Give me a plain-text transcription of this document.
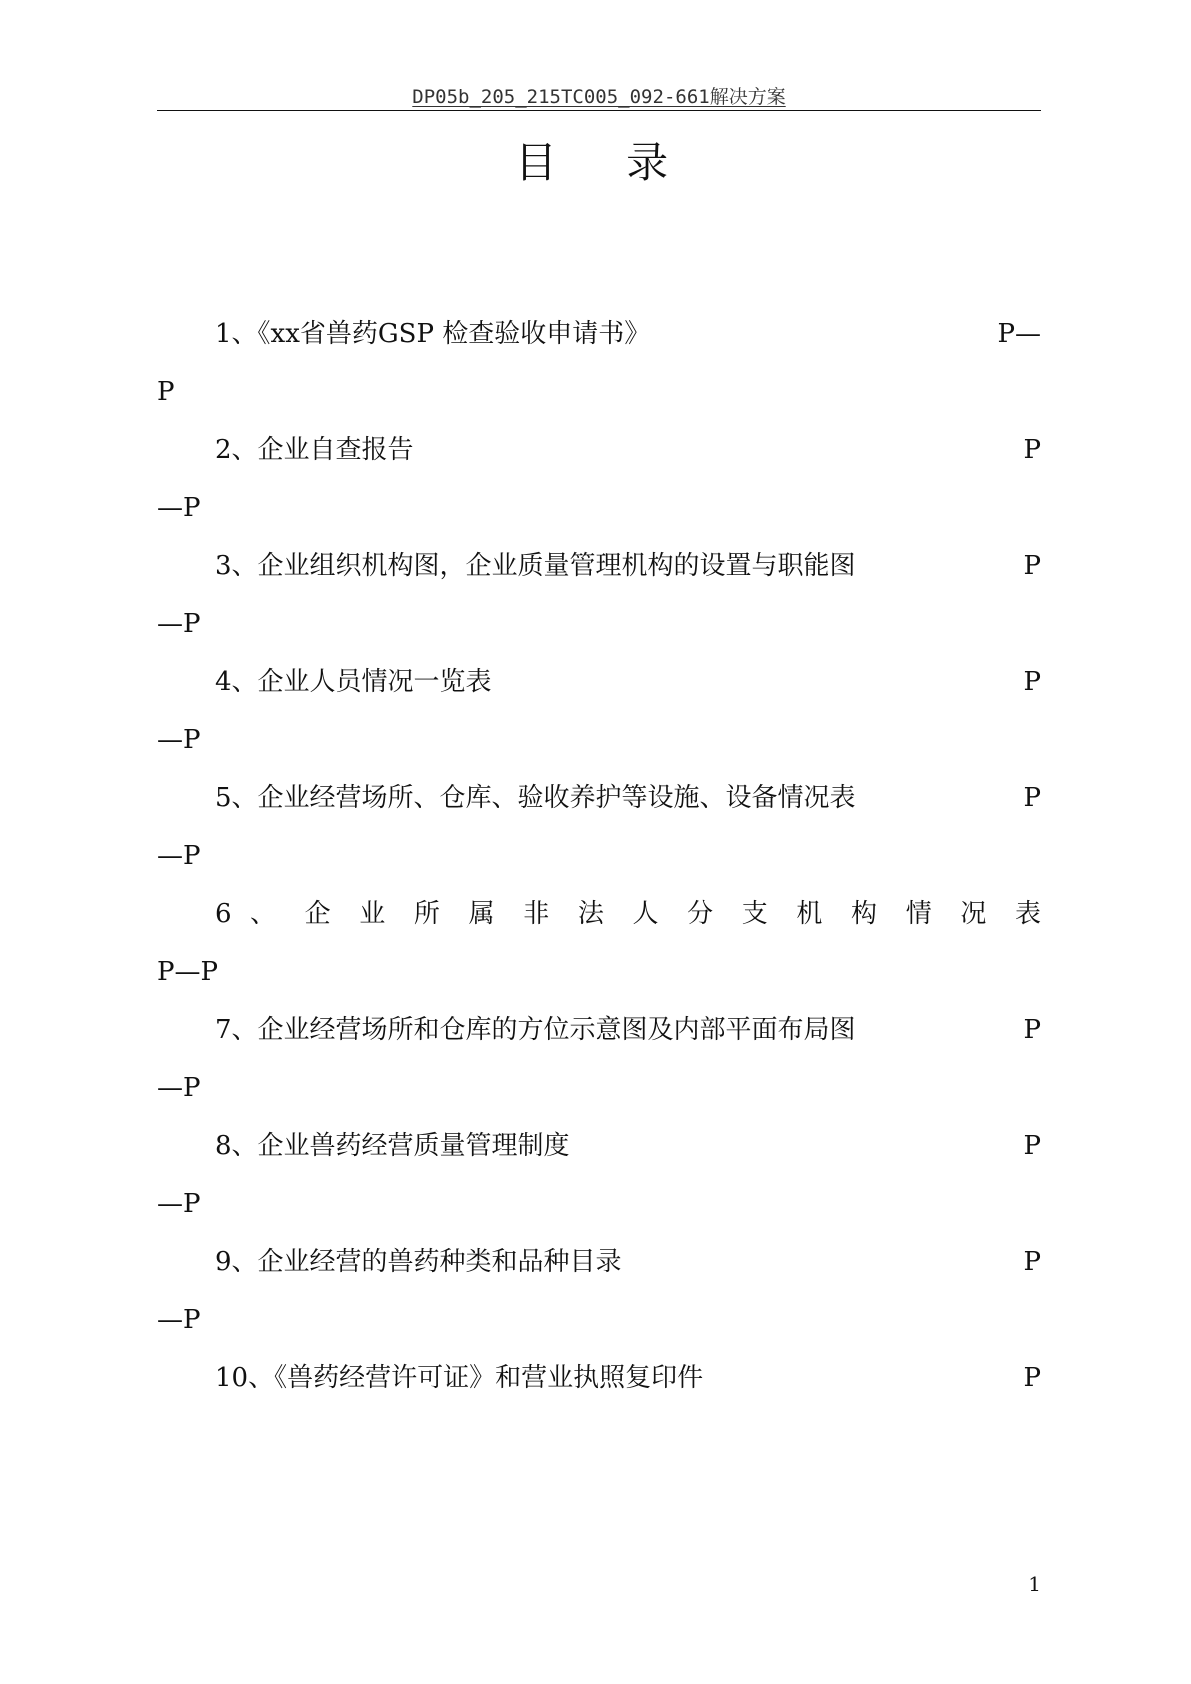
DP05b_205_215TC005_092-661解决方案
目 录
1、《xx省兽药GSP 检查验收申请书》	P—
P
2、企业自查报告	P
—P
3、企业组织机构图，企业质量管理机构的设置与职能图	P
—P
4、企业人员情况一览表	P
—P
5、企业经营场所、仓库、验收养护等设施、设备情况表	P
—P
6 、 企 业 所 属 非 法 人 分 支 机 构 情 况 表
P—P
7、企业经营场所和仓库的方位示意图及内部平面布局图	P
—P
8、企业兽药经营质量管理制度	P
—P
9、企业经营的兽药种类和品种目录	P
—P
10、《兽药经营许可证》和营业执照复印件	P
1
